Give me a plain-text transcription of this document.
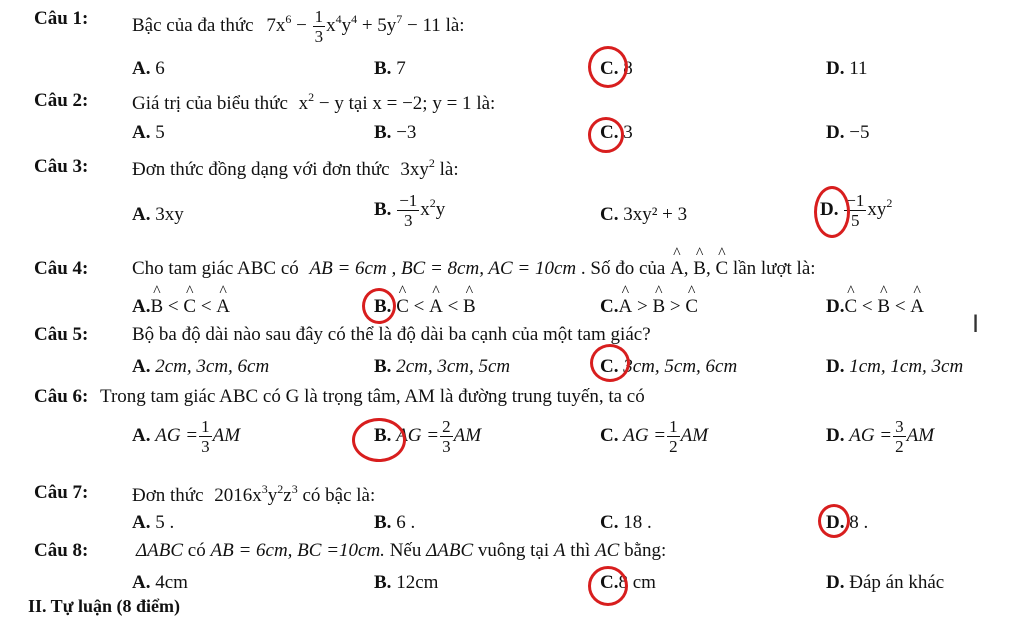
Câu 1: Bậc của đa thức $7x^6 - \frac{1}{3} x^4y^4 + 5y^7 - 11$ là:
A. 6	B. 7	C. 8	D. 11
Câu 2: Giá trị của biểu thức $x^2 - y$ tại x = −2; y = 1 là:
A. 5	B. −3	C. 3	D. −5
Câu 3: Đơn thức đồng dạng với đơn thức $3xy^2$ là:
A. 3xy	B. $\frac{-1}{3} x^2y$	C. 3xy² + 3	D. $\frac{-1}{5} xy^2$
Câu 4: Cho tam giác ABC có AB = 6cm , BC = 8cm, AC = 10cm . Số đo của ^ A, ^ B, ^ C lần lượt là:
A.^ B < ^ C < ^ A	B. ^ C < ^ A < ^ B	C.^ A > ^ B > ^ C	D.^ C < ^ B < ^ A
I
Câu 5: Bộ ba độ dài nào sau đây có thể là độ dài ba cạnh của một tam giác?
A. 2cm, 3cm, 6cm	B. 2cm, 3cm, 5cm	C. 3cm, 5cm, 6cm	D. 1cm, 1cm, 3cm
Câu 6: Trong tam giác ABC có G là trọng tâm, AM là đường trung tuyến, ta có
A. AG = $\frac{1}{3}$ AM	B. AG = $\frac{2}{3}$ AM	C. AG = $\frac{1}{2}$ AM	D. AG = $\frac{3}{2}$ AM
Câu 7: Đơn thức $2016x^3y^2z^3$ có bậc là:
A. 5 .	B. 6 .	C. 18 .	D. 8 .
Câu 8:	ΔABC có AB = 6cm, BC =10cm. Nếu ΔABC vuông tại A thì AC bằng:
A. 4cm	B. 12cm	C.8 cm	D. Đáp án khác
II. Tự luận (8 điểm)
